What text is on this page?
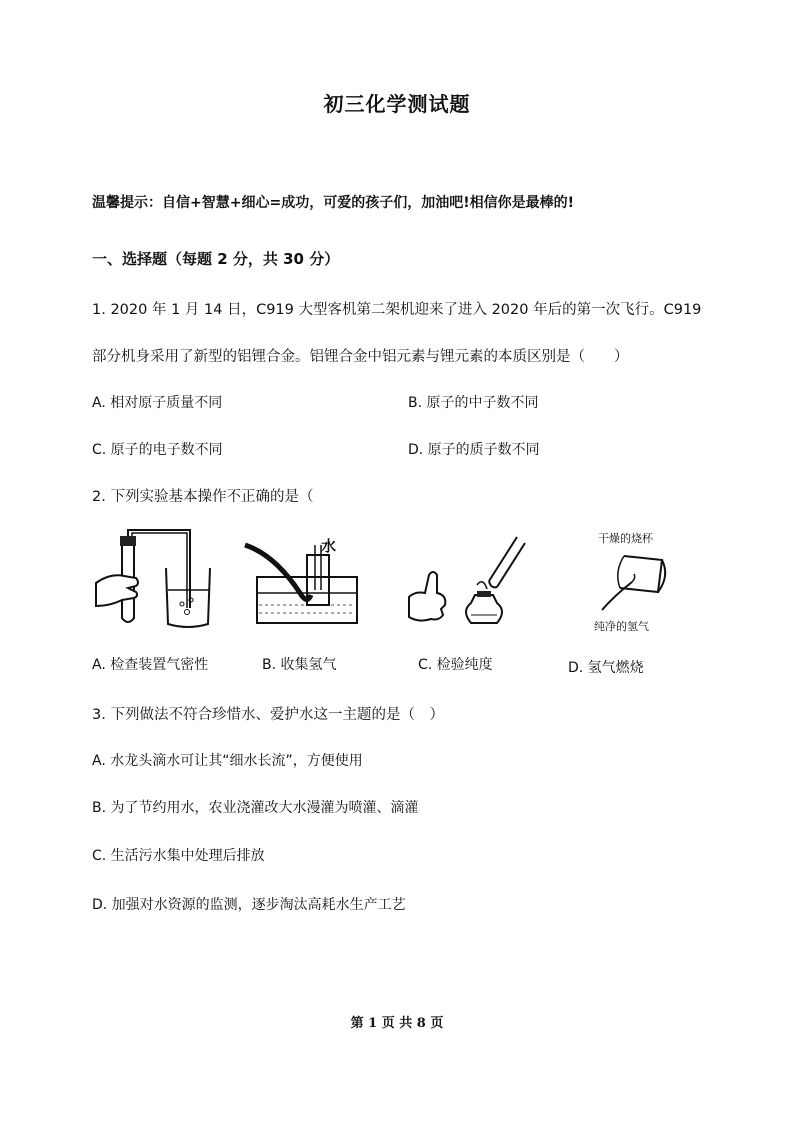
初三化学测试题
温馨提示：自信+智慧+细心=成功，可爱的孩子们，加油吧!相信你是最棒的!
一、选择题（每题 2 分，共 30 分）
1. 2020 年 1 月 14 日，C919 大型客机第二架机迎来了进入 2020 年后的第一次飞行。C919
部分机身采用了新型的铝锂合金。铝锂合金中铝元素与锂元素的本质区别是（　　）
A. 相对原子质量不同	B. 原子的中子数不同
C. 原子的电子数不同	D. 原子的质子数不同
2. 下列实验基本操作不正确的是（
水	干燥的烧杯
纯净的氢气
A. 检查装置气密性	B. 收集氢气	C. 检验纯度	D. 氢气燃烧
3. 下列做法不符合珍惜水、爱护水这一主题的是（　）
A. 水龙头滴水可让其“细水长流”，方便使用
B. 为了节约用水，农业浇灌改大水漫灌为喷灌、滴灌
C. 生活污水集中处理后排放
D. 加强对水资源的监测，逐步淘汰高耗水生产工艺
第 1 页 共 8 页
